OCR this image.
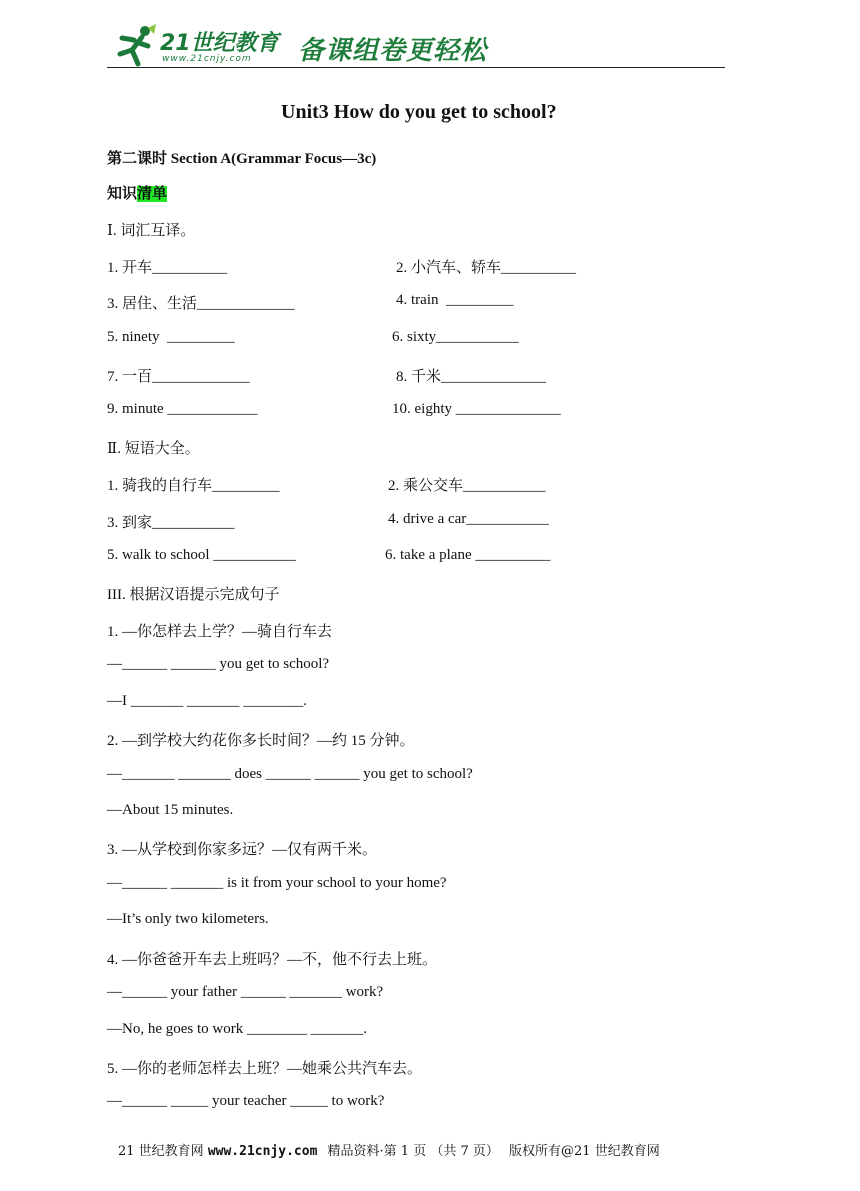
21世纪教育
www.21cnjy.com 备课组卷更轻松
Unit3 How do you get to school?
第二课时 Section A(Grammar Focus—3c)
知识清单
Ⅰ. 词汇互译。
1. 开车__________	2. 小汽车、轿车__________
3. 居住、生活_____________	4. train  _________
5. ninety  _________	6. sixty___________
7. 一百_____________	8. 千米______________
9. minute ____________	10. eighty ______________
Ⅱ. 短语大全。
1. 骑我的自行车_________	2. 乘公交车___________
3. 到家___________	4. drive a car___________
5. walk to school ___________	6. take a plane __________
III. 根据汉语提示完成句子
1. —你怎样去上学？—骑自行车去
—______ ______ you get to school?
—I _______ _______ ________.
2. —到学校大约花你多长时间？—约 15 分钟。
—_______ _______ does ______ ______ you get to school?
—About 15 minutes.
3. —从学校到你家多远？—仅有两千米。
—______ _______ is it from your school to your home?
—It’s only two kilometers.
4. —你爸爸开车去上班吗？—不，他不行去上班。
—______ your father ______ _______ work?
—No, he goes to work ________ _______.
5. —你的老师怎样去上班？—她乘公共汽车去。
—______ _____ your teacher _____ to work?
21 世纪教育网 www.21cnjy.com 精品资料·第 1 页 （共 7 页） 版权所有@21 世纪教育网
